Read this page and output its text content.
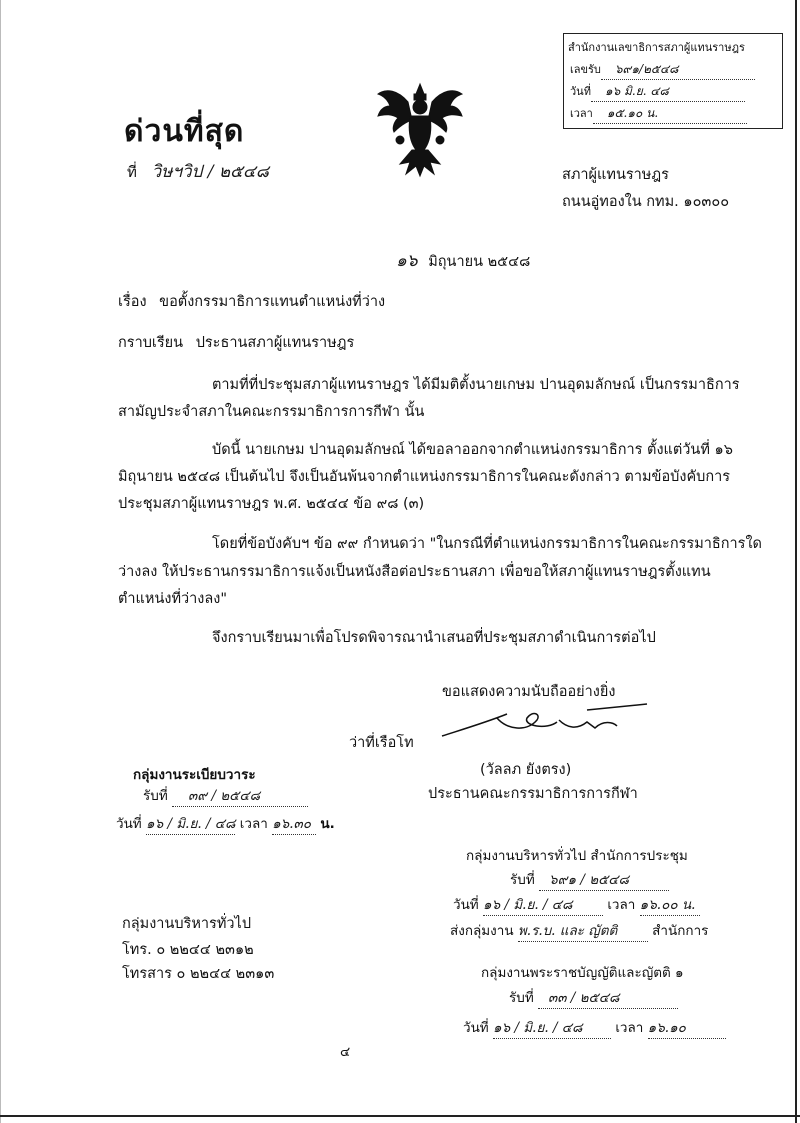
สำนักงานเลขาธิการสภาผู้แทนราษฎร
เลขรับ ๖๙๑/๒๕๔๘
วันที่ ๑๖ มิ.ย. ๔๘
เวลา ๑๕.๑๐ น.
ด่วนที่สุด
ที่ วิษฯวิป / ๒๕๔๘	สภาผู้แทนราษฎร
ถนนอู่ทองใน กทม. ๑๐๓๐๐
๑๖ มิถุนายน ๒๕๔๘
เรื่อง ขอตั้งกรรมาธิการแทนตำแหน่งที่ว่าง
กราบเรียน ประธานสภาผู้แทนราษฎร
ตามที่ที่ประชุมสภาผู้แทนราษฎร ได้มีมติตั้งนายเกษม ปานอุดมลักษณ์ เป็นกรรมาธิการ
สามัญประจำสภาในคณะกรรมาธิการการกีฬา นั้น
บัดนี้ นายเกษม ปานอุดมลักษณ์ ได้ขอลาออกจากตำแหน่งกรรมาธิการ ตั้งแต่วันที่ ๑๖
มิถุนายน ๒๕๔๘ เป็นต้นไป จึงเป็นอันพ้นจากตำแหน่งกรรมาธิการในคณะดังกล่าว ตามข้อบังคับการ
ประชุมสภาผู้แทนราษฎร พ.ศ. ๒๕๔๔ ข้อ ๙๘ (๓)
โดยที่ข้อบังคับฯ ข้อ ๙๙ กำหนดว่า "ในกรณีที่ตำแหน่งกรรมาธิการในคณะกรรมาธิการใด
ว่างลง ให้ประธานกรรมาธิการแจ้งเป็นหนังสือต่อประธานสภา เพื่อขอให้สภาผู้แทนราษฎรตั้งแทน
ตำแหน่งที่ว่างลง"
จึงกราบเรียนมาเพื่อโปรดพิจารณานำเสนอที่ประชุมสภาดำเนินการต่อไป
ขอแสดงความนับถืออย่างยิ่ง
ว่าที่เรือโท
(วัลลภ ยังตรง)
ประธานคณะกรรมาธิการการกีฬา
กลุ่มงานระเบียบวาระ
รับที่ ๓๙ / ๒๕๔๘
วันที่ ๑๖ / มิ.ย. / ๔๘ เวลา ๑๖.๓๐ น.
กลุ่มงานบริหารทั่วไป
โทร. ๐ ๒๒๔๔ ๒๓๑๒
โทรสาร ๐ ๒๒๔๔ ๒๓๑๓
กลุ่มงานบริหารทั่วไป สำนักการประชุม
รับที่ ๖๙๑ / ๒๕๔๘
วันที่ ๑๖ / มิ.ย. / ๔๘	เวลา ๑๖.๐๐ น.
ส่งกลุ่มงาน พ.ร.บ. และ ญัตติ	สำนักการ
กลุ่มงานพระราชบัญญัติและญัตติ ๑
รับที่ ๓๓ / ๒๕๔๘
วันที่ ๑๖ / มิ.ย. / ๔๘ เวลา ๑๖.๑๐
๔
